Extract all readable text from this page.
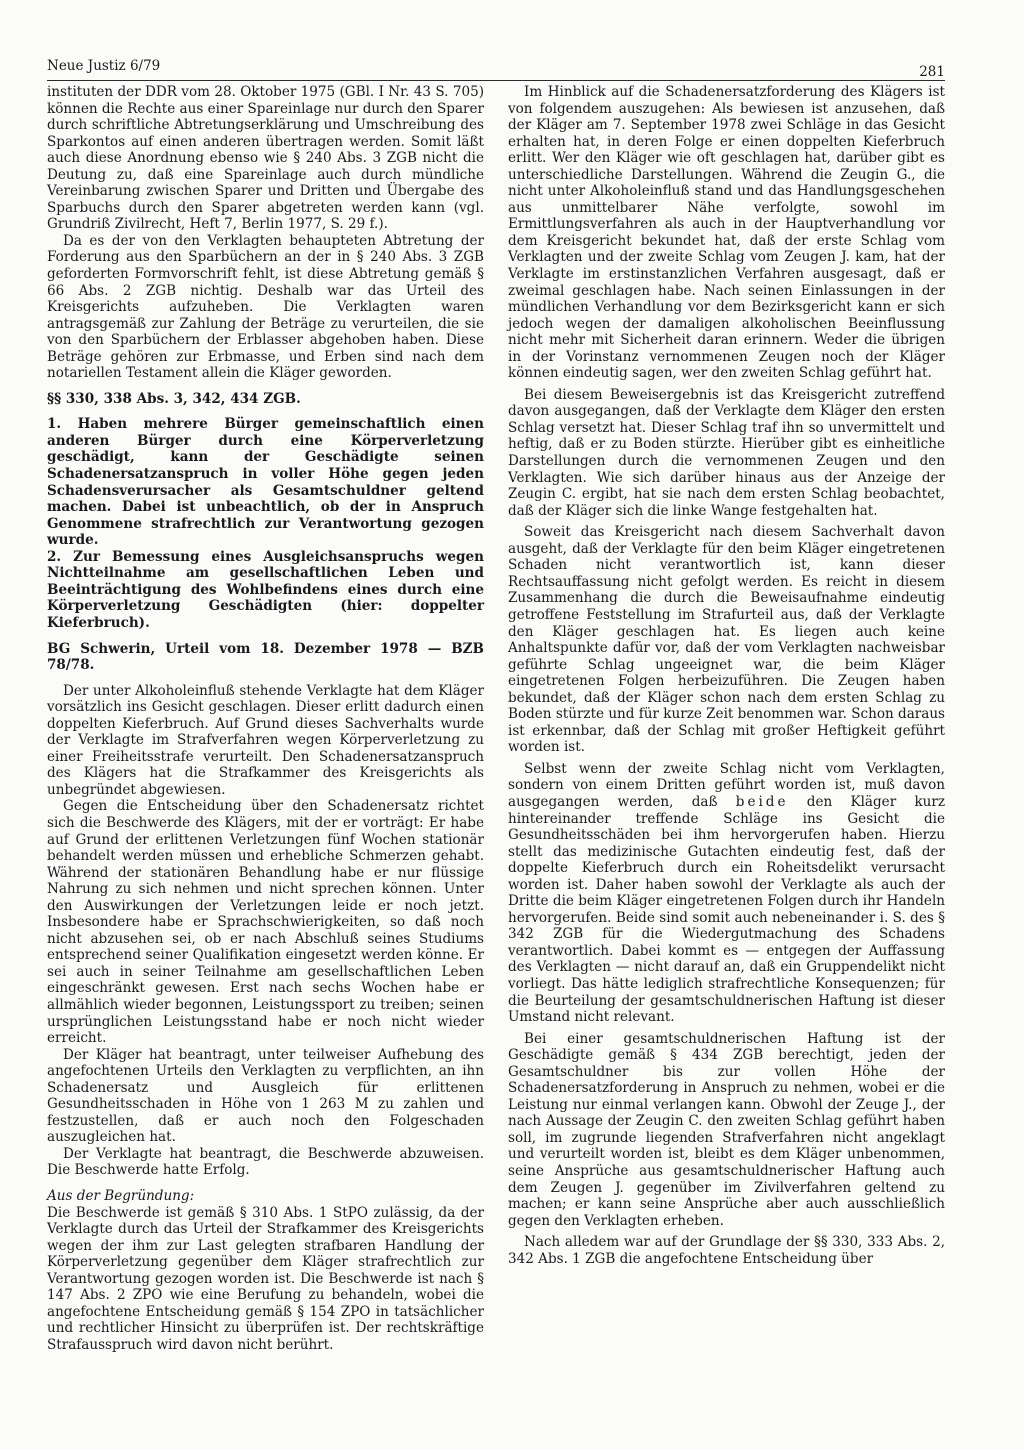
Neue Justiz 6/79	281

instituten der DDR vom 28. Oktober 1975 (GBl. I Nr. 43 S. 705) können die Rechte aus einer Spareinlage nur durch den Sparer durch schriftliche Abtretungserklärung und Umschreibung des Sparkontos auf einen anderen übertragen werden. Somit läßt auch diese Anordnung ebenso wie § 240 Abs. 3 ZGB nicht die Deutung zu, daß eine Spareinlage auch durch mündliche Vereinbarung zwischen Sparer und Dritten und Übergabe des Sparbuchs durch den Sparer abgetreten werden kann (vgl. Grundriß Zivilrecht, Heft 7, Berlin 1977, S. 29 f.).

Da es der von den Verklagten behaupteten Abtretung der Forderung aus den Sparbüchern an der in § 240 Abs. 3 ZGB geforderten Formvorschrift fehlt, ist diese Abtretung gemäß § 66 Abs. 2 ZGB nichtig. Deshalb war das Urteil des Kreisgerichts aufzuheben. Die Verklagten waren antragsgemäß zur Zahlung der Beträge zu verurteilen, die sie von den Sparbüchern der Erblasser abgehoben haben. Diese Beträge gehören zur Erbmasse, und Erben sind nach dem notariellen Testament allein die Kläger geworden.

§§ 330, 338 Abs. 3, 342, 434 ZGB.

1. Haben mehrere Bürger gemeinschaftlich einen anderen Bürger durch eine Körperverletzung geschädigt, kann der Geschädigte seinen Schadenersatzanspruch in voller Höhe gegen jeden Schadensverursacher als Gesamtschuldner geltend machen. Dabei ist unbeachtlich, ob der in Anspruch Genommene strafrechtlich zur Verantwortung gezogen wurde.

2. Zur Bemessung eines Ausgleichsanspruchs wegen Nichtteilnahme am gesellschaftlichen Leben und Beeinträchtigung des Wohlbefindens eines durch eine Körperverletzung Geschädigten (hier: doppelter Kieferbruch).

BG Schwerin, Urteil vom 18. Dezember 1978 — BZB 78/78.

Der unter Alkoholeinfluß stehende Verklagte hat dem Kläger vorsätzlich ins Gesicht geschlagen. Dieser erlitt dadurch einen doppelten Kieferbruch. Auf Grund dieses Sachverhalts wurde der Verklagte im Strafverfahren wegen Körperverletzung zu einer Freiheitsstrafe verurteilt. Den Schadenersatzanspruch des Klägers hat die Strafkammer des Kreisgerichts als unbegründet abgewiesen.

Gegen die Entscheidung über den Schadenersatz richtet sich die Beschwerde des Klägers, mit der er vorträgt: Er habe auf Grund der erlittenen Verletzungen fünf Wochen stationär behandelt werden müssen und erhebliche Schmerzen gehabt. Während der stationären Behandlung habe er nur flüssige Nahrung zu sich nehmen und nicht sprechen können. Unter den Auswirkungen der Verletzungen leide er noch jetzt. Insbesondere habe er Sprachschwierigkeiten, so daß noch nicht abzusehen sei, ob er nach Abschluß seines Studiums entsprechend seiner Qualifikation eingesetzt werden könne. Er sei auch in seiner Teilnahme am gesellschaftlichen Leben eingeschränkt gewesen. Erst nach sechs Wochen habe er allmählich wieder begonnen, Leistungssport zu treiben; seinen ursprünglichen Leistungsstand habe er noch nicht wieder erreicht.

Der Kläger hat beantragt, unter teilweiser Aufhebung des angefochtenen Urteils den Verklagten zu verpflichten, an ihn Schadenersatz und Ausgleich für erlittenen Gesundheitsschaden in Höhe von 1 263 M zu zahlen und festzustellen, daß er auch noch den Folgeschaden auszugleichen hat.

Der Verklagte hat beantragt, die Beschwerde abzuweisen. Die Beschwerde hatte Erfolg.

Aus der Begründung:

Die Beschwerde ist gemäß § 310 Abs. 1 StPO zulässig, da der Verklagte durch das Urteil der Strafkammer des Kreisgerichts wegen der ihm zur Last gelegten strafbaren Handlung der Körperverletzung gegenüber dem Kläger strafrechtlich zur Verantwortung gezogen worden ist. Die Beschwerde ist nach § 147 Abs. 2 ZPO wie eine Berufung zu behandeln, wobei die angefochtene Entscheidung gemäß § 154 ZPO in tatsächlicher und rechtlicher Hinsicht zu überprüfen ist. Der rechtskräftige Strafausspruch wird davon nicht berührt.

Im Hinblick auf die Schadenersatzforderung des Klägers ist von folgendem auszugehen: Als bewiesen ist anzusehen, daß der Kläger am 7. September 1978 zwei Schläge in das Gesicht erhalten hat, in deren Folge er einen doppelten Kieferbruch erlitt. Wer den Kläger wie oft geschlagen hat, darüber gibt es unterschiedliche Darstellungen. Während die Zeugin G., die nicht unter Alkoholeinfluß stand und das Handlungsgeschehen aus unmittelbarer Nähe verfolgte, sowohl im Ermittlungsverfahren als auch in der Hauptverhandlung vor dem Kreisgericht bekundet hat, daß der erste Schlag vom Verklagten und der zweite Schlag vom Zeugen J. kam, hat der Verklagte im erstinstanzlichen Verfahren ausgesagt, daß er zweimal geschlagen habe. Nach seinen Einlassungen in der mündlichen Verhandlung vor dem Bezirksgericht kann er sich jedoch wegen der damaligen alkoholischen Beeinflussung nicht mehr mit Sicherheit daran erinnern. Weder die übrigen in der Vorinstanz vernommenen Zeugen noch der Kläger können eindeutig sagen, wer den zweiten Schlag geführt hat.

Bei diesem Beweisergebnis ist das Kreisgericht zutreffend davon ausgegangen, daß der Verklagte dem Kläger den ersten Schlag versetzt hat. Dieser Schlag traf ihn so unvermittelt und heftig, daß er zu Boden stürzte. Hierüber gibt es einheitliche Darstellungen durch die vernommenen Zeugen und den Verklagten. Wie sich darüber hinaus aus der Anzeige der Zeugin C. ergibt, hat sie nach dem ersten Schlag beobachtet, daß der Kläger sich die linke Wange festgehalten hat.

Soweit das Kreisgericht nach diesem Sachverhalt davon ausgeht, daß der Verklagte für den beim Kläger eingetretenen Schaden nicht verantwortlich ist, kann dieser Rechtsauffassung nicht gefolgt werden. Es reicht in diesem Zusammenhang die durch die Beweisaufnahme eindeutig getroffene Feststellung im Strafurteil aus, daß der Verklagte den Kläger geschlagen hat. Es liegen auch keine Anhaltspunkte dafür vor, daß der vom Verklagten nachweisbar geführte Schlag ungeeignet war, die beim Kläger eingetretenen Folgen herbeizuführen. Die Zeugen haben bekundet, daß der Kläger schon nach dem ersten Schlag zu Boden stürzte und für kurze Zeit benommen war. Schon daraus ist erkennbar, daß der Schlag mit großer Heftigkeit geführt worden ist.

Selbst wenn der zweite Schlag nicht vom Verklagten, sondern von einem Dritten geführt worden ist, muß davon ausgegangen werden, daß beide den Kläger kurz hintereinander treffende Schläge ins Gesicht die Gesundheitsschäden bei ihm hervorgerufen haben. Hierzu stellt das medizinische Gutachten eindeutig fest, daß der doppelte Kieferbruch durch ein Roheitsdelikt verursacht worden ist. Daher haben sowohl der Verklagte als auch der Dritte die beim Kläger eingetretenen Folgen durch ihr Handeln hervorgerufen. Beide sind somit auch nebeneinander i. S. des § 342 ZGB für die Wiedergutmachung des Schadens verantwortlich. Dabei kommt es — entgegen der Auffassung des Verklagten — nicht darauf an, daß ein Gruppendelikt nicht vorliegt. Das hätte lediglich strafrechtliche Konsequenzen; für die Beurteilung der gesamtschuldnerischen Haftung ist dieser Umstand nicht relevant.

Bei einer gesamtschuldnerischen Haftung ist der Geschädigte gemäß § 434 ZGB berechtigt, jeden der Gesamtschuldner bis zur vollen Höhe der Schadenersatzforderung in Anspruch zu nehmen, wobei er die Leistung nur einmal verlangen kann. Obwohl der Zeuge J., der nach Aussage der Zeugin C. den zweiten Schlag geführt haben soll, im zugrunde liegenden Strafverfahren nicht angeklagt und verurteilt worden ist, bleibt es dem Kläger unbenommen, seine Ansprüche aus gesamtschuldnerischer Haftung auch dem Zeugen J. gegenüber im Zivilverfahren geltend zu machen; er kann seine Ansprüche aber auch ausschließlich gegen den Verklagten erheben.

Nach alledem war auf der Grundlage der §§ 330, 333 Abs. 2, 342 Abs. 1 ZGB die angefochtene Entscheidung über
